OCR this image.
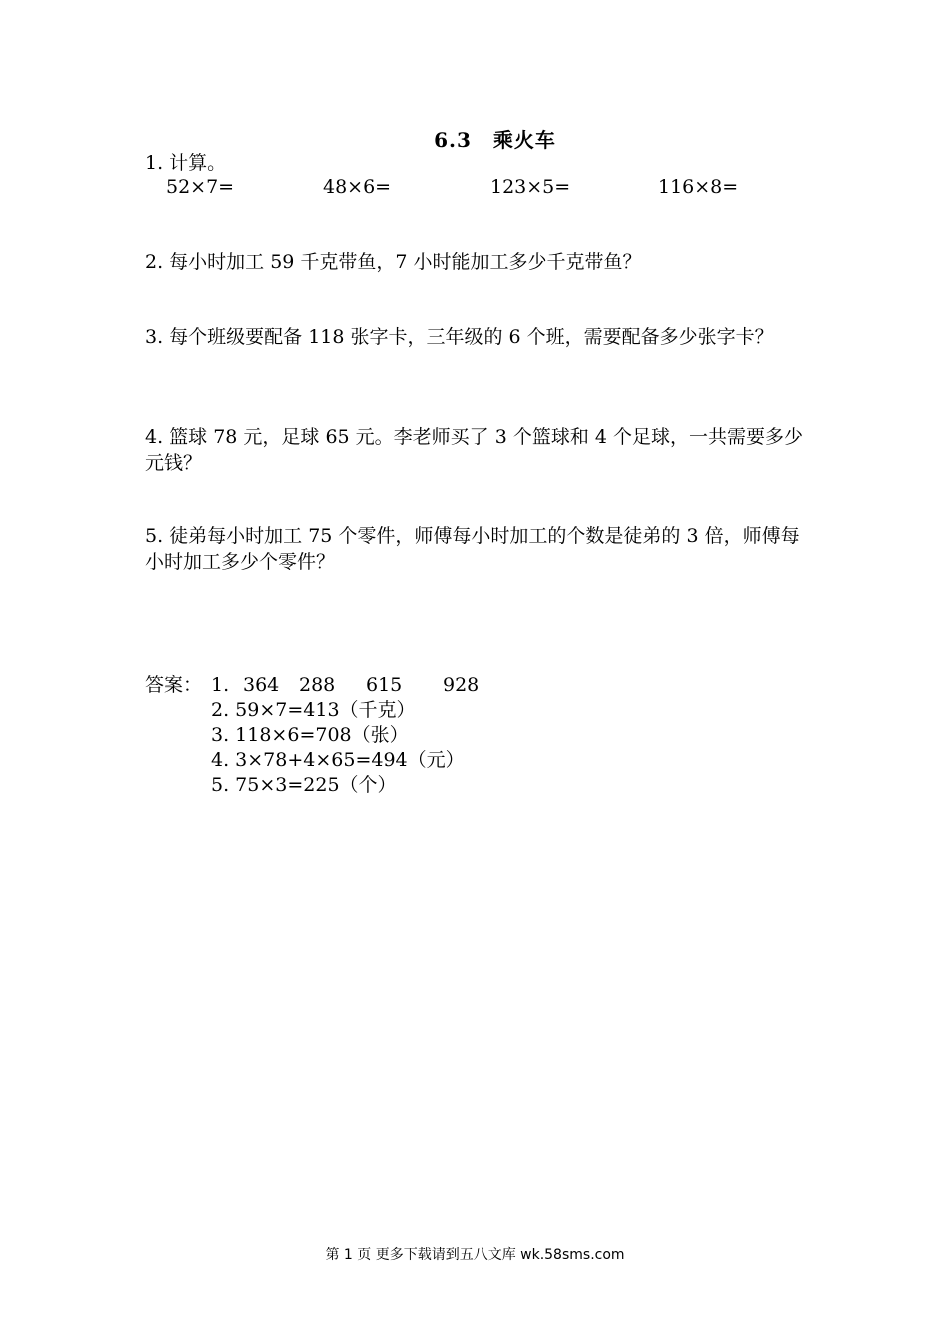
6.3　乘火车
1. 计算。
52×7=	48×6=	123×5=	116×8=
2. 每小时加工 59 千克带鱼，7 小时能加工多少千克带鱼？
3. 每个班级要配备 118 张字卡，三年级的 6 个班，需要配备多少张字卡？
4. 篮球 78 元，足球 65 元。李老师买了 3 个篮球和 4 个足球，一共需要多少元钱？
5. 徒弟每小时加工 75 个零件，师傅每小时加工的个数是徒弟的 3 倍，师傅每小时加工多少个零件？
答案： 1. 364 288 615 928
2. 59×7=413（千克）
3. 118×6=708（张）
4. 3×78+4×65=494（元）
5. 75×3=225（个）
第 1 页 更多下载请到五八文库 wk.58sms.com
